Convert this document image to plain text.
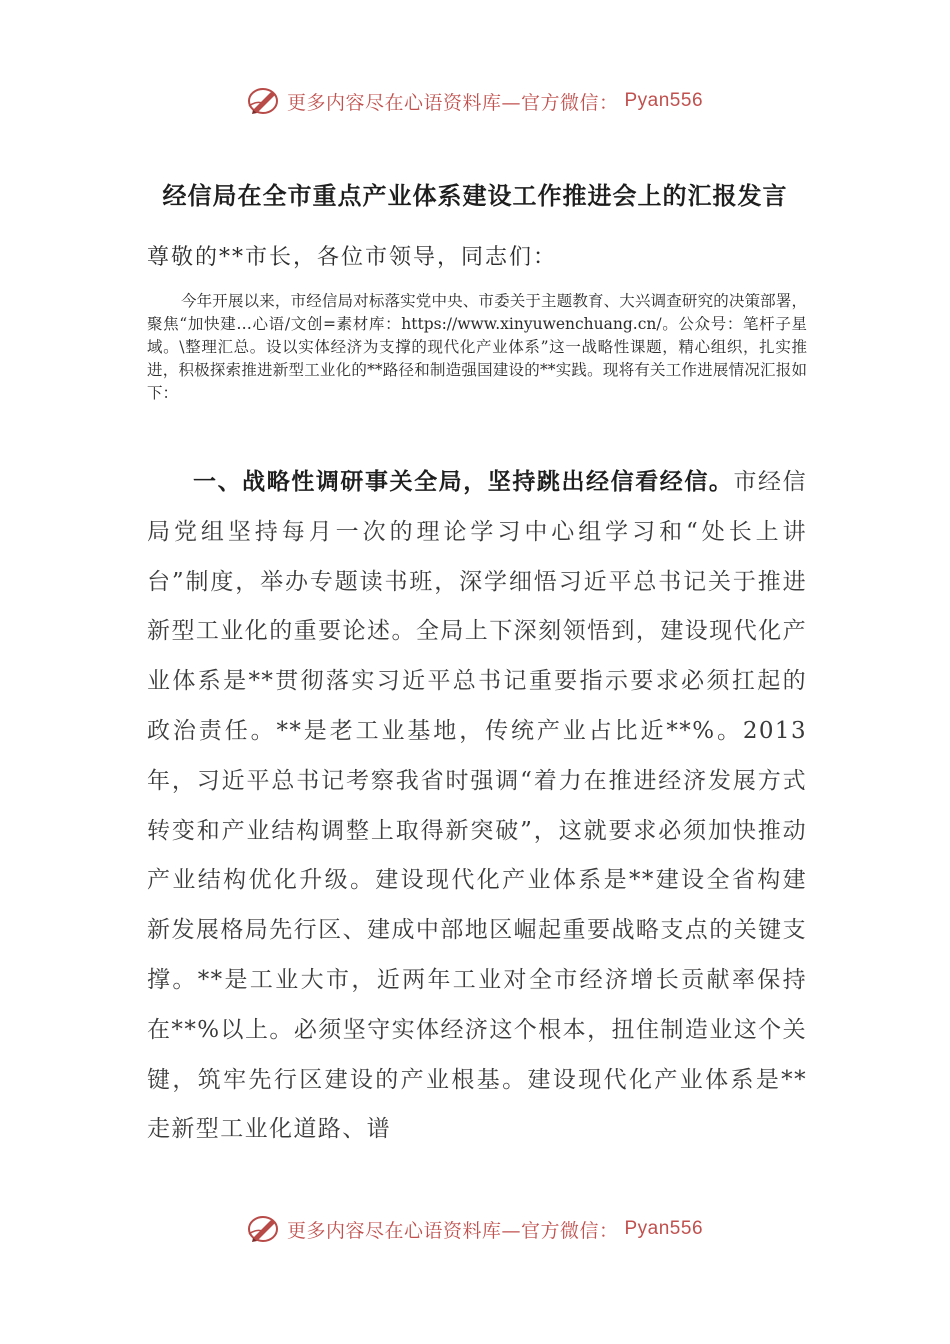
更多内容尽在心语资料库—官方微信： Pyan556
经信局在全市重点产业体系建设工作推进会上的汇报发言

尊敬的**市长，各位市领导，同志们：

今年开展以来，市经信局对标落实党中央、市委关于主题教育、大兴调查研究的决策部署，聚焦“加快建…心语/文创=素材库：https://www.xinyuwenchuang.cn/。公众号：笔杆子星域。\整理汇总。设以实体经济为支撑的现代化产业体系”这一战略性课题，精心组织，扎实推进，积极探索推进新型工业化的**路径和制造强国建设的**实践。现将有关工作进展情况汇报如下：

一、战略性调研事关全局，坚持跳出经信看经信。市经信局党组坚持每月一次的理论学习中心组学习和“处长上讲台”制度，举办专题读书班，深学细悟习近平总书记关于推进新型工业化的重要论述。全局上下深刻领悟到，建设现代化产业体系是**贯彻落实习近平总书记重要指示要求必须扛起的政治责任。**是老工业基地，传统产业占比近**%。2013年，习近平总书记考察我省时强调“着力在推进经济发展方式转变和产业结构调整上取得新突破”，这就要求必须加快推动产业结构优化升级。建设现代化产业体系是**建设全省构建新发展格局先行区、建成中部地区崛起重要战略支点的关键支撑。**是工业大市，近两年工业对全市经济增长贡献率保持在**%以上。必须坚守实体经济这个根本，扭住制造业这个关键，筑牢先行区建设的产业根基。建设现代化产业体系是**走新型工业化道路、谱

更多内容尽在心语资料库—官方微信： Pyan556
